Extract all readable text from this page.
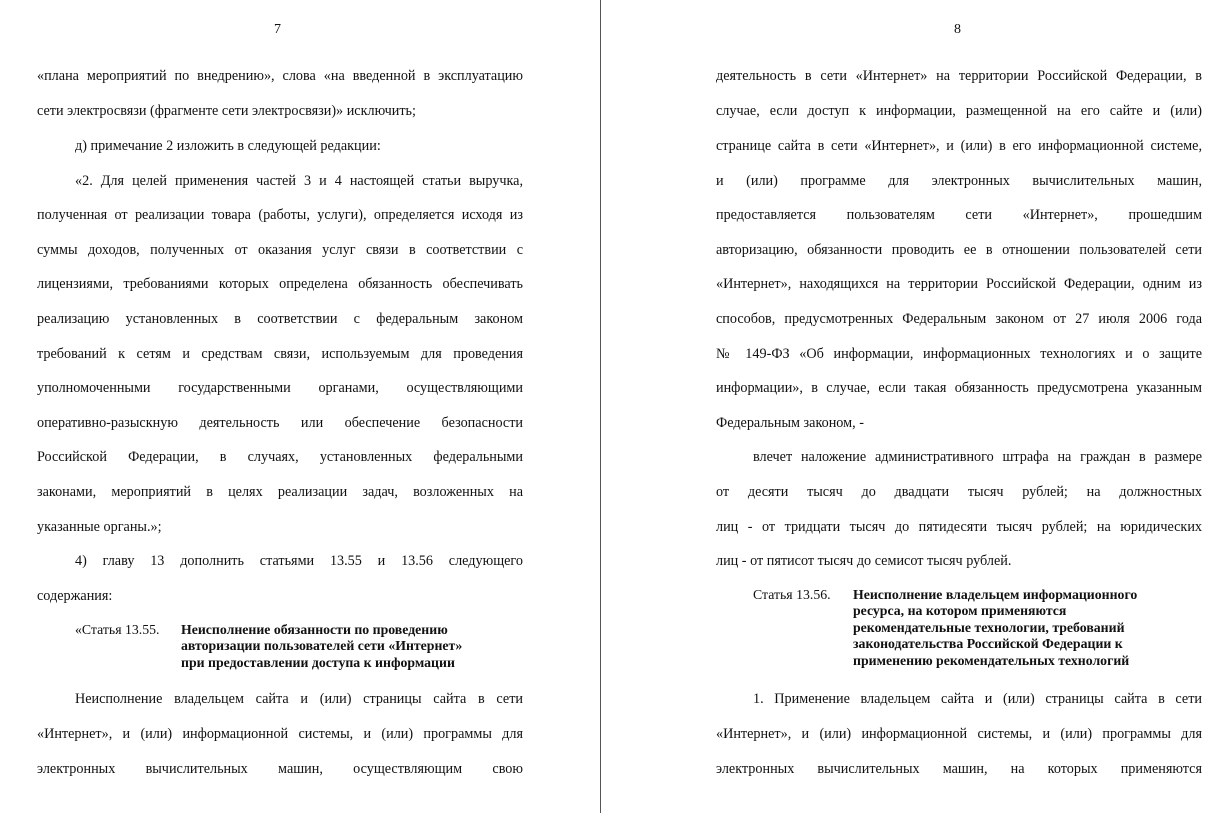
7
«плана мероприятий по внедрению», слова «на введенной в эксплуатацию
сети электросвязи (фрагменте сети электросвязи)» исключить;
д) примечание 2 изложить в следующей редакции:
«2. Для целей применения частей 3 и 4 настоящей статьи выручка,
полученная от реализации товара (работы, услуги), определяется исходя из
суммы доходов, полученных от оказания услуг связи в соответствии с
лицензиями, требованиями которых определена обязанность обеспечивать
реализацию установленных в соответствии с федеральным законом
требований к сетям и средствам связи, используемым для проведения
уполномоченными государственными органами, осуществляющими
оперативно-разыскную деятельность или обеспечение безопасности
Российской Федерации, в случаях, установленных федеральными
законами, мероприятий в целях реализации задач, возложенных на
указанные органы.»;
4) главу 13 дополнить статьями 13.55 и 13.56 следующего
содержания:
«Статья 13.55. Неисполнение обязанности по проведению
авторизации пользователей сети «Интернет»
при предоставлении доступа к информации
Неисполнение владельцем сайта и (или) страницы сайта в сети
«Интернет», и (или) информационной системы, и (или) программы для
электронных вычислительных машин, осуществляющим свою
8
деятельность в сети «Интернет» на территории Российской Федерации, в
случае, если доступ к информации, размещенной на его сайте и (или)
странице сайта в сети «Интернет», и (или) в его информационной системе,
и (или) программе для электронных вычислительных машин,
предоставляется пользователям сети «Интернет», прошедшим
авторизацию, обязанности проводить ее в отношении пользователей сети
«Интернет», находящихся на территории Российской Федерации, одним из
способов, предусмотренных Федеральным законом от 27 июля 2006 года
№ 149-ФЗ «Об информации, информационных технологиях и о защите
информации», в случае, если такая обязанность предусмотрена указанным
Федеральным законом, -
влечет наложение административного штрафа на граждан в размере
от десяти тысяч до двадцати тысяч рублей; на должностных
лиц - от тридцати тысяч до пятидесяти тысяч рублей; на юридических
лиц - от пятисот тысяч до семисот тысяч рублей.
Статья 13.56. Неисполнение владельцем информационного
ресурса, на котором применяются
рекомендательные технологии, требований
законодательства Российской Федерации к
применению рекомендательных технологий
1. Применение владельцем сайта и (или) страницы сайта в сети
«Интернет», и (или) информационной системы, и (или) программы для
электронных вычислительных машин, на которых применяются
